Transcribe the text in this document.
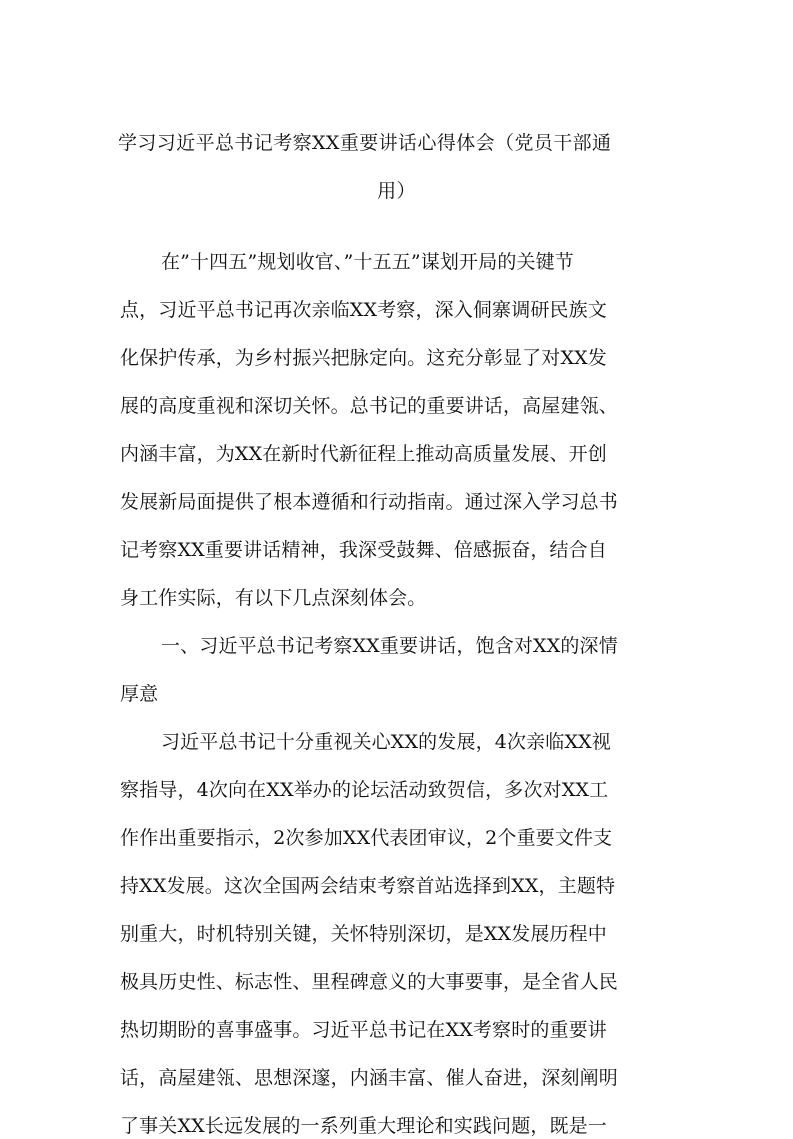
学习习近平总书记考察XX重要讲话心得体会（党员干部通
用）
在”十四五”规划收官、”十五五”谋划开局的关键节
点，习近平总书记再次亲临XX考察，深入侗寨调研民族文
化保护传承，为乡村振兴把脉定向。这充分彰显了对XX发
展的高度重视和深切关怀。总书记的重要讲话，高屋建瓴、
内涵丰富，为XX在新时代新征程上推动高质量发展、开创
发展新局面提供了根本遵循和行动指南。通过深入学习总书
记考察XX重要讲话精神，我深受鼓舞、倍感振奋，结合自
身工作实际，有以下几点深刻体会。
一、习近平总书记考察XX重要讲话，饱含对XX的深情
厚意
习近平总书记十分重视关心XX的发展，4次亲临XX视
察指导，4次向在XX举办的论坛活动致贺信，多次对XX工
作作出重要指示，2次参加XX代表团审议，2个重要文件支
持XX发展。这次全国两会结束考察首站选择到XX，主题特
别重大，时机特别关键，关怀特别深切，是XX发展历程中
极具历史性、标志性、里程碑意义的大事要事，是全省人民
热切期盼的喜事盛事。习近平总书记在XX考察时的重要讲
话，高屋建瓴、思想深邃，内涵丰富、催人奋进，深刻阐明
了事关XX长远发展的一系列重大理论和实践问题，既是一
